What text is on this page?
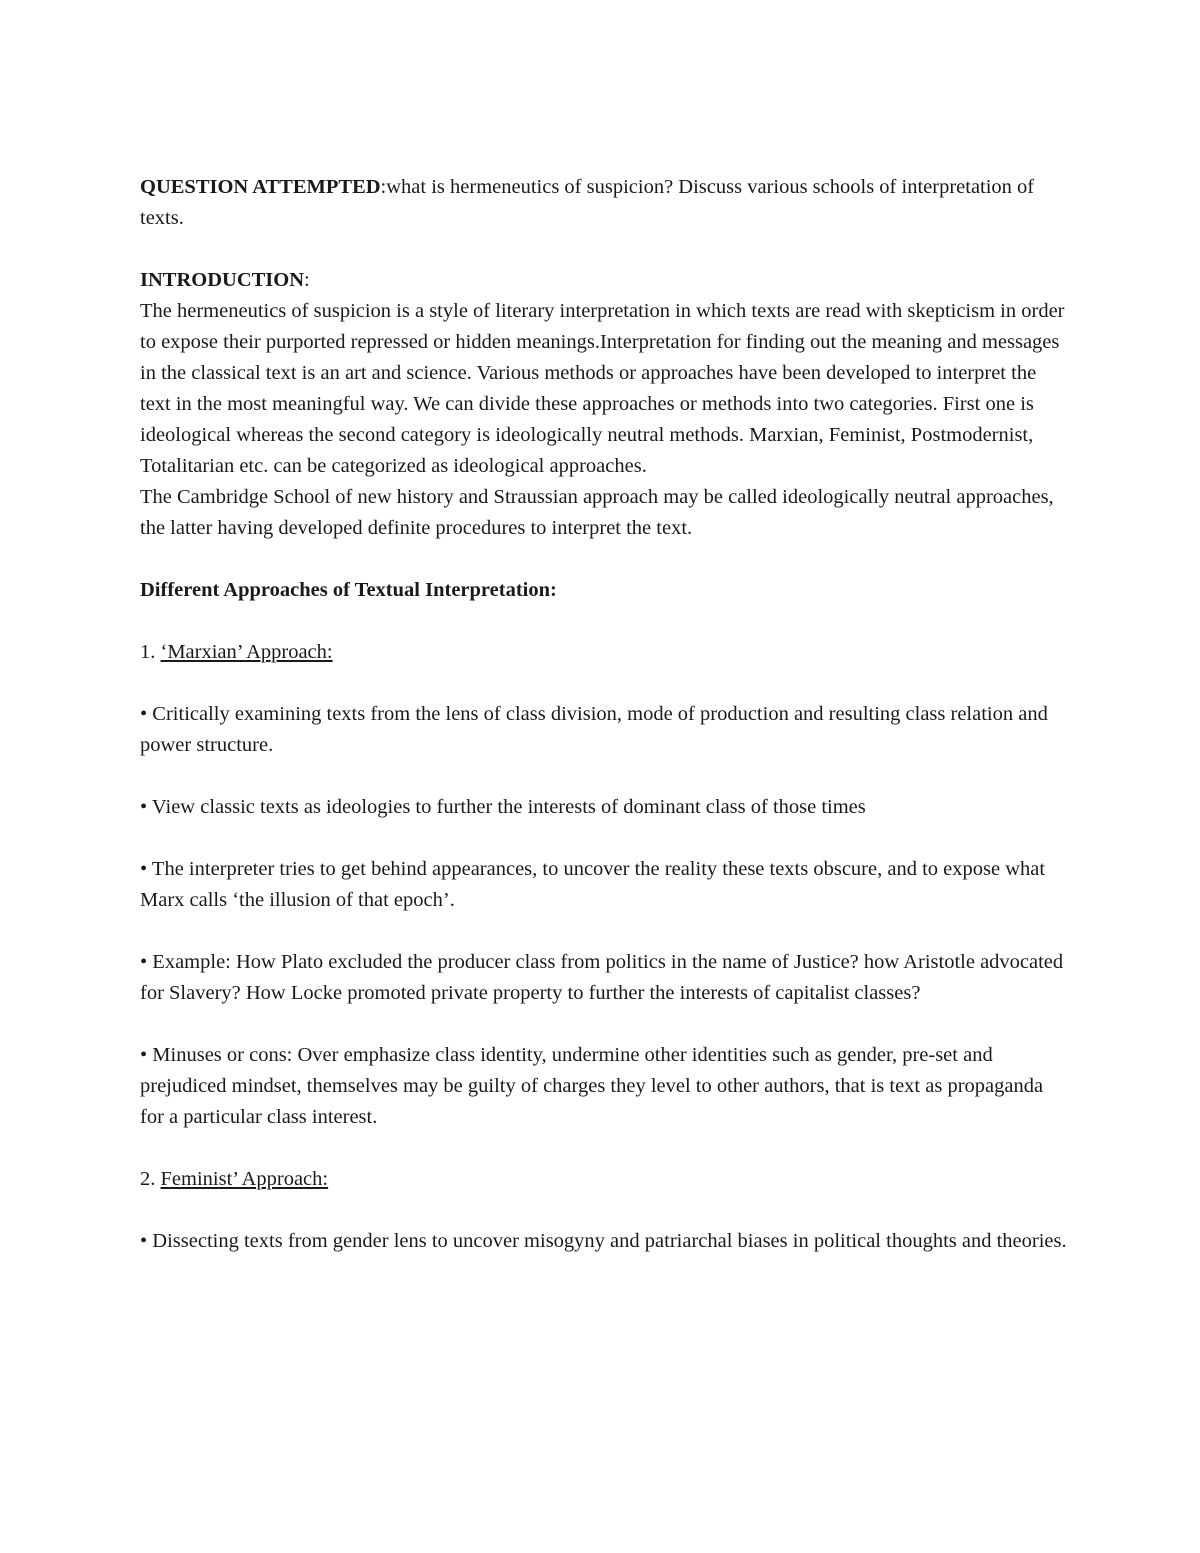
QUESTION ATTEMPTED:what is hermeneutics of suspicion? Discuss various schools of interpretation of texts.

INTRODUCTION:

The hermeneutics of suspicion is a style of literary interpretation in which texts are read with skepticism in order to expose their purported repressed or hidden meanings.Interpretation for finding out the meaning and messages in the classical text is an art and science. Various methods or approaches have been developed to interpret the text in the most meaningful way. We can divide these approaches or methods into two categories. First one is ideological whereas the second category is ideologically neutral methods. Marxian, Feminist, Postmodernist, Totalitarian etc. can be categorized as ideological approaches.

The Cambridge School of new history and Straussian approach may be called ideologically neutral approaches, the latter having developed definite procedures to interpret the text.

Different Approaches of Textual Interpretation:

1. ‘Marxian’ Approach:

• Critically examining texts from the lens of class division, mode of production and resulting class relation and power structure.

• View classic texts as ideologies to further the interests of dominant class of those times

• The interpreter tries to get behind appearances, to uncover the reality these texts obscure, and to expose what Marx calls ‘the illusion of that epoch’.

• Example: How Plato excluded the producer class from politics in the name of Justice? how Aristotle advocated for Slavery? How Locke promoted private property to further the interests of capitalist classes?

• Minuses or cons: Over emphasize class identity, undermine other identities such as gender, pre-set and prejudiced mindset, themselves may be guilty of charges they level to other authors, that is text as propaganda for a particular class interest.

2. Feminist’ Approach:

• Dissecting texts from gender lens to uncover misogyny and patriarchal biases in political thoughts and theories.
